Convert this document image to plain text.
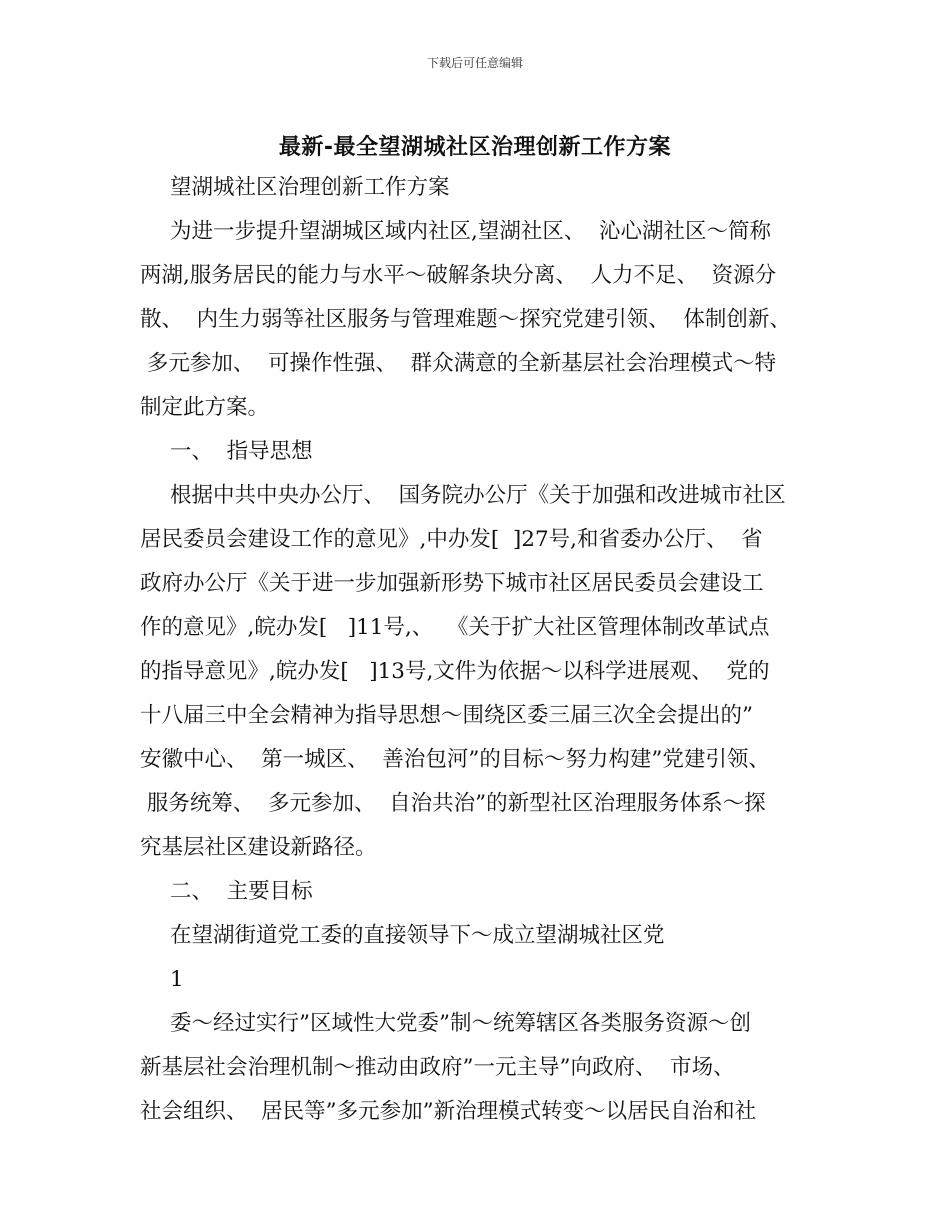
下载后可任意编辑
最新-最全望湖城社区治理创新工作方案
望湖城社区治理创新工作方案
为进一步提升望湖城区域内社区,望湖社区、  沁心湖社区～简称
两湖,服务居民的能力与水平～破解条块分离、  人力不足、  资源分
散、  内生力弱等社区服务与管理难题～探究党建引领、  体制创新、
多元参加、  可操作性强、  群众满意的全新基层社会治理模式～特
制定此方案。
一、  指导思想
根据中共中央办公厅、  国务院办公厅《关于加强和改进城市社区
居民委员会建设工作的意见》,中办发[  ]27号,和省委办公厅、  省
政府办公厅《关于进一步加强新形势下城市社区居民委员会建设工
作的意见》,皖办发[   ]11号,、  《关于扩大社区管理体制改革试点
的指导意见》,皖办发[   ]13号,文件为依据～以科学进展观、  党的
十八届三中全会精神为指导思想～围绕区委三届三次全会提出的”
安徽中心、  第一城区、  善治包河”的目标～努力构建”党建引领、
服务统筹、  多元参加、  自治共治”的新型社区治理服务体系～探
究基层社区建设新路径。
二、  主要目标
在望湖街道党工委的直接领导下～成立望湖城社区党
1
委～经过实行”区域性大党委”制～统筹辖区各类服务资源～创
新基层社会治理机制～推动由政府”一元主导”向政府、  市场、
社会组织、  居民等”多元参加”新治理模式转变～以居民自治和社
